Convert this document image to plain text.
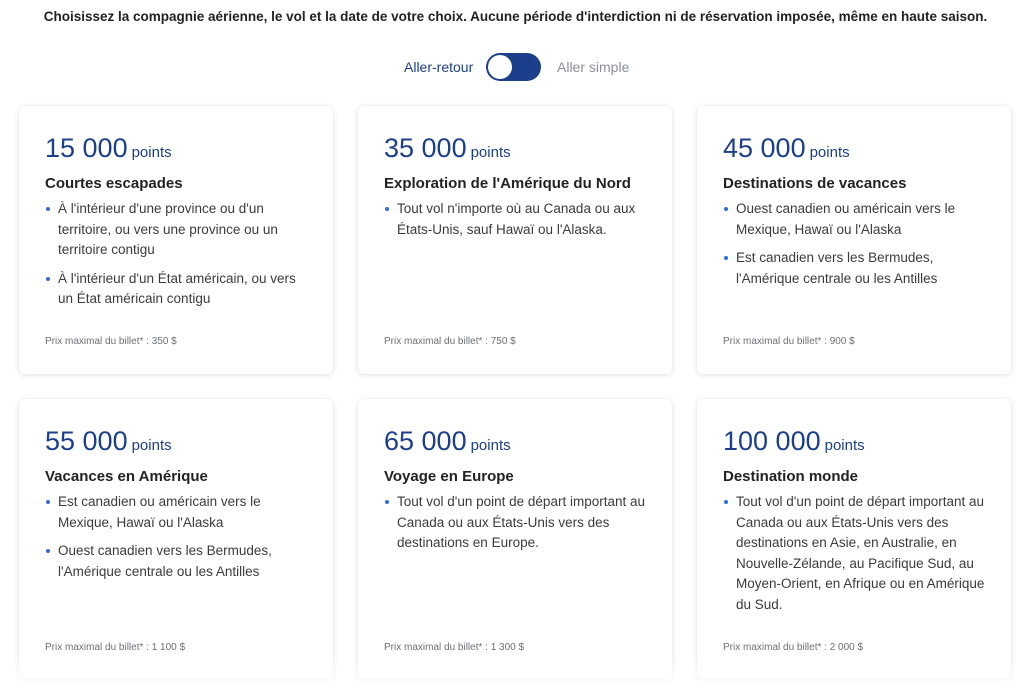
Choisissez la compagnie aérienne, le vol et la date de votre choix. Aucune période d'interdiction ni de réservation imposée, même en haute saison.
Aller-retour	Aller simple
15 000 points
Courtes escapades
À l'intérieur d'une province ou d'un territoire, ou vers une province ou un territoire contigu
À l'intérieur d'un État américain, ou vers un État américain contigu
Prix maximal du billet* : 350 $
35 000 points
Exploration de l'Amérique du Nord
Tout vol n'importe où au Canada ou aux États-Unis, sauf Hawaï ou l'Alaska.
Prix maximal du billet* : 750 $
45 000 points
Destinations de vacances
Ouest canadien ou américain vers le Mexique, Hawaï ou l'Alaska
Est canadien vers les Bermudes, l'Amérique centrale ou les Antilles
Prix maximal du billet* : 900 $
55 000 points
Vacances en Amérique
Est canadien ou américain vers le Mexique, Hawaï ou l'Alaska
Ouest canadien vers les Bermudes, l'Amérique centrale ou les Antilles
Prix maximal du billet* : 1 100 $
65 000 points
Voyage en Europe
Tout vol d'un point de départ important au Canada ou aux États-Unis vers des destinations en Europe.
Prix maximal du billet* : 1 300 $
100 000 points
Destination monde
Tout vol d'un point de départ important au Canada ou aux États-Unis vers des destinations en Asie, en Australie, en Nouvelle-Zélande, au Pacifique Sud, au Moyen-Orient, en Afrique ou en Amérique du Sud.
Prix maximal du billet* : 2 000 $
